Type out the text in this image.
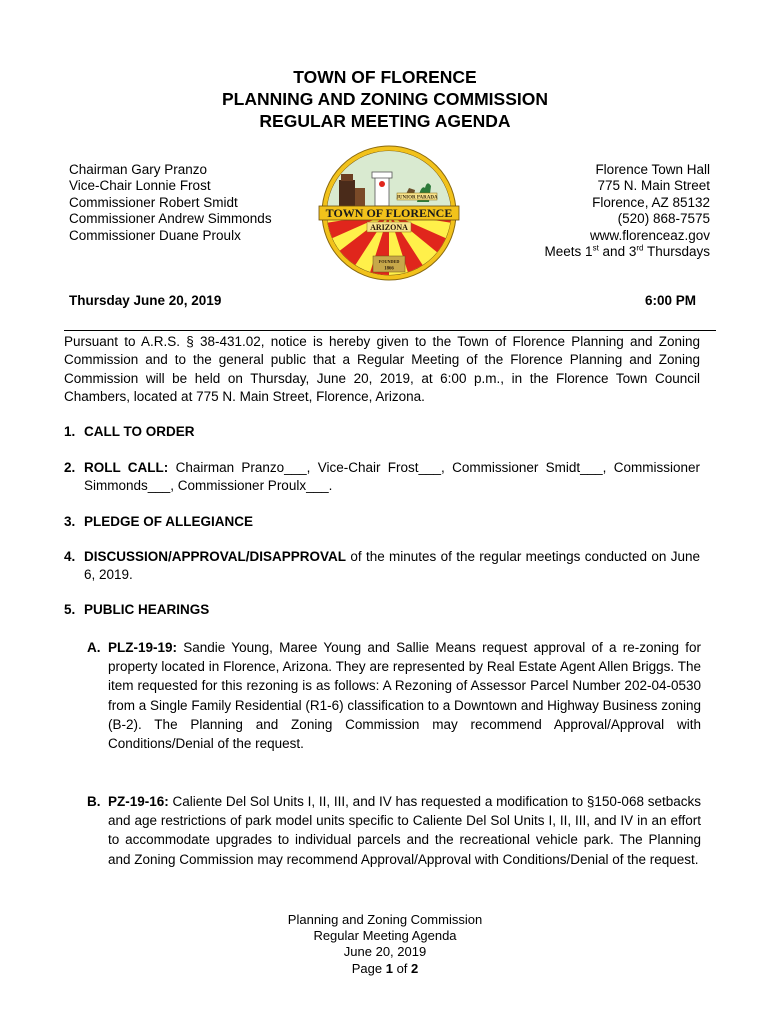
TOWN OF FLORENCE
PLANNING AND ZONING COMMISSION
REGULAR MEETING AGENDA
Chairman Gary Pranzo
Vice-Chair Lonnie Frost
Commissioner Robert Smidt
Commissioner Andrew Simmonds
Commissioner Duane Proulx
JUNIOR PARADA
TOWN OF FLORENCE
ARIZONA
FOUNDED
1866
Florence Town Hall
775 N. Main Street
Florence, AZ 85132
(520) 868-7575
www.florenceaz.gov
Meets 1st and 3rd Thursdays
Thursday June 20, 2019	6:00 PM
Pursuant to A.R.S. § 38-431.02, notice is hereby given to the Town of Florence Planning and Zoning Commission and to the general public that a Regular Meeting of the Florence Planning and Zoning Commission will be held on Thursday, June 20, 2019, at 6:00 p.m., in the Florence Town Council Chambers, located at 775 N. Main Street, Florence, Arizona.
1. CALL TO ORDER
2. ROLL CALL: Chairman Pranzo___, Vice-Chair Frost___, Commissioner Smidt___, Commissioner Simmonds___, Commissioner Proulx___.
3. PLEDGE OF ALLEGIANCE
4. DISCUSSION/APPROVAL/DISAPPROVAL of the minutes of the regular meetings conducted on June 6, 2019.
5. PUBLIC HEARINGS
A. PLZ-19-19: Sandie Young, Maree Young and Sallie Means request approval of a re-zoning for property located in Florence, Arizona. They are represented by Real Estate Agent Allen Briggs. The item requested for this rezoning is as follows: A Rezoning of Assessor Parcel Number 202-04-0530 from a Single Family Residential (R1-6) classification to a Downtown and Highway Business zoning (B-2). The Planning and Zoning Commission may recommend Approval/Approval with Conditions/Denial of the request.
B. PZ-19-16: Caliente Del Sol Units I, II, III, and IV has requested a modification to §150-068 setbacks and age restrictions of park model units specific to Caliente Del Sol Units I, II, III, and IV in an effort to accommodate upgrades to individual parcels and the recreational vehicle park. The Planning and Zoning Commission may recommend Approval/Approval with Conditions/Denial of the request.
Planning and Zoning Commission
Regular Meeting Agenda
June 20, 2019
Page 1 of 2
